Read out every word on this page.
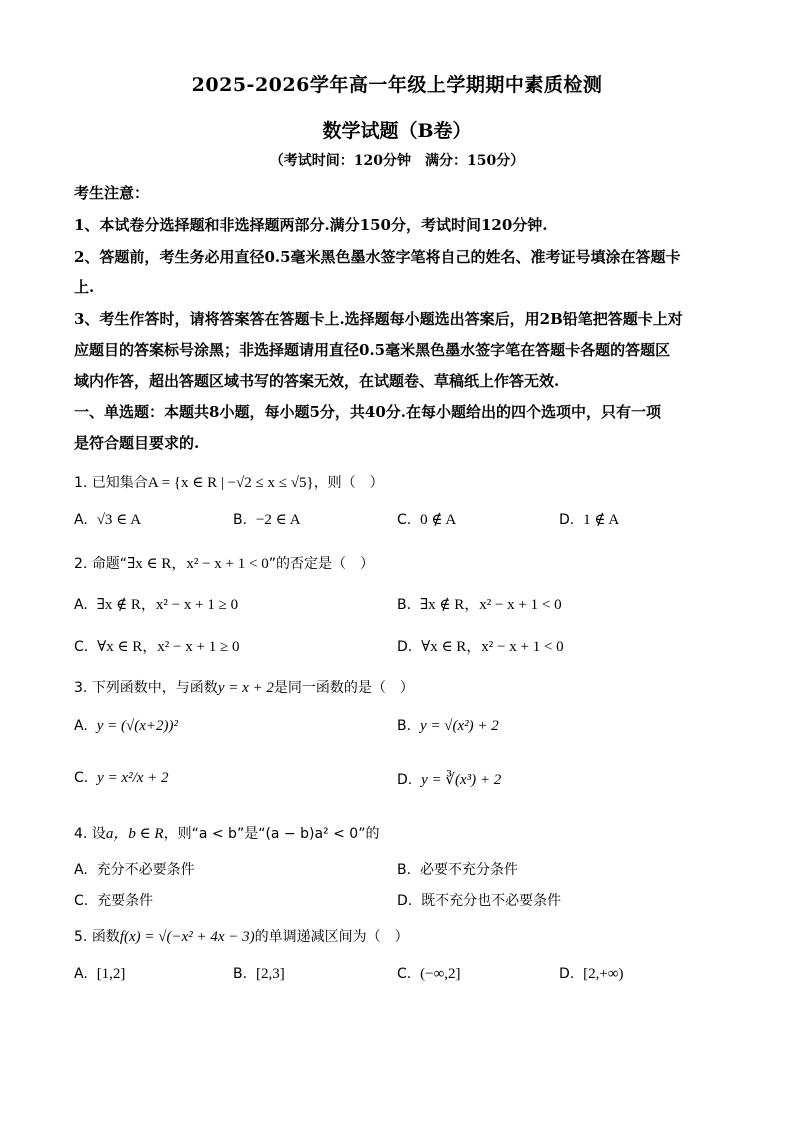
2025-2026学年高一年级上学期期中素质检测
数学试题（B卷）
（考试时间：120分钟　满分：150分）
考生注意：
1、本试卷分选择题和非选择题两部分.满分150分，考试时间120分钟.
2、答题前，考生务必用直径0.5毫米黑色墨水签字笔将自己的姓名、准考证号填涂在答题卡
上.
3、考生作答时，请将答案答在答题卡上.选择题每小题选出答案后，用2B铅笔把答题卡上对
应题目的答案标号涂黑；非选择题请用直径0.5毫米黑色墨水签字笔在答题卡各题的答题区
域内作答，超出答题区域书写的答案无效，在试题卷、草稿纸上作答无效.
一、单选题：本题共8小题，每小题5分，共40分.在每小题给出的四个选项中，只有一项
是符合题目要求的.
1. 已知集合A = {x ∈ R | −√2 ≤ x ≤ √5}，则（　）
A. √3 ∈ A	B. −2 ∈ A	C. 0 ∉ A	D. 1 ∉ A
2. 命题“∃x ∈ R，x² − x + 1 < 0”的否定是（　）
A. ∃x ∉ R，x² − x + 1 ≥ 0	B. ∃x ∉ R，x² − x + 1 < 0
C. ∀x ∈ R，x² − x + 1 ≥ 0	D. ∀x ∈ R，x² − x + 1 < 0
3. 下列函数中，与函数y = x + 2是同一函数的是（　）
A. y = (√(x+2))²	B. y = √(x²) + 2
C. y = x²/x + 2	D. y = ∛(x³) + 2
4. 设a，b ∈ R，则“a < b”是“(a − b)a² < 0”的
A. 充分不必要条件	B. 必要不充分条件
C. 充要条件	D. 既不充分也不必要条件
5. 函数f(x) = √(−x² + 4x − 3)的单调递减区间为（　）
A. [1,2]	B. [2,3]	C. (−∞,2]	D. [2,+∞)
